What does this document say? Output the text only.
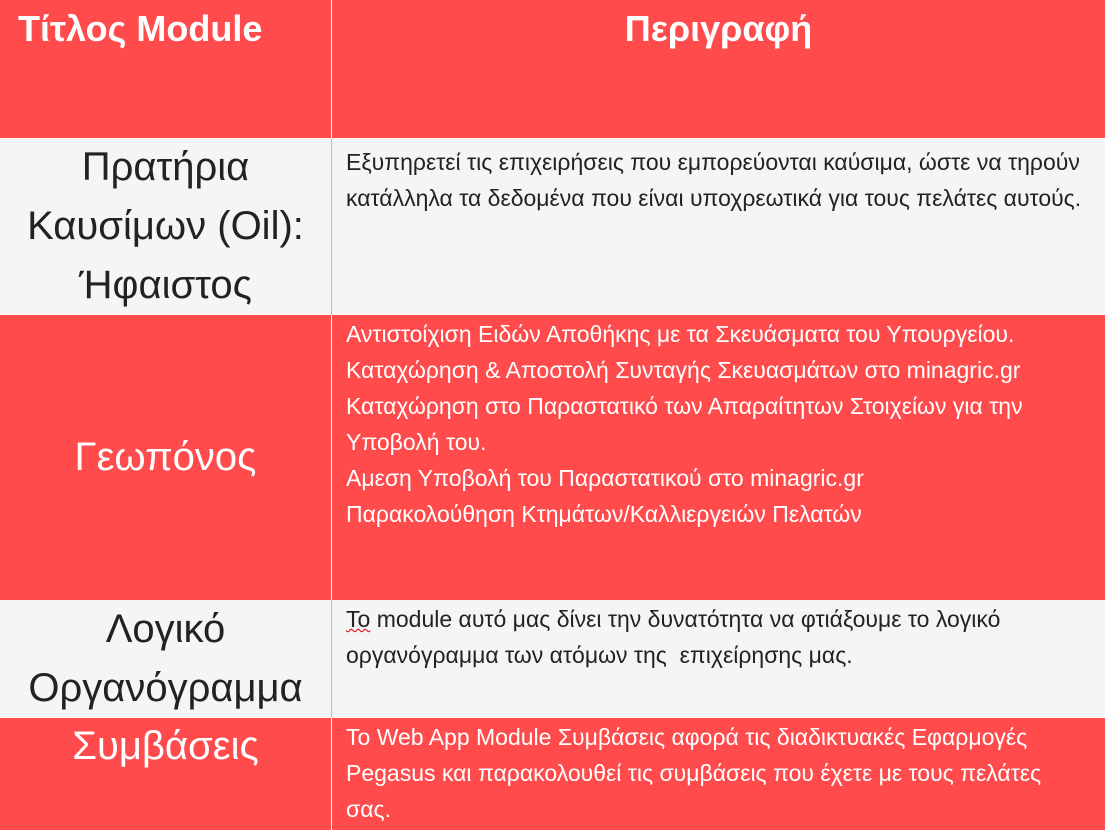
Τίτλος Module	Περιγραφή
Πρατήρια Καυσίμων (Oil): Ήφαιστος
Εξυπηρετεί τις επιχειρήσεις που εμπορεύονται καύσιμα, ώστε να τηρούν κατάλληλα τα δεδομένα που είναι υποχρεωτικά για τους πελάτες αυτούς.
Γεωπόνος
Αντιστοίχιση Ειδών Αποθήκης με τα Σκευάσματα του Υπουργείου.
Καταχώρηση & Αποστολή Συνταγής Σκευασμάτων στο minagric.gr
Καταχώρηση στο Παραστατικό των Απαραίτητων Στοιχείων για την Υποβολή του.
Αμεση Υποβολή του Παραστατικού στο minagric.gr
Παρακολούθηση Κτημάτων/Καλλιεργειών Πελατών
Λογικό Οργανόγραμμα
Το module αυτό μας δίνει την δυνατότητα να φτιάξουμε το λογικό οργανόγραμμα των ατόμων της  επιχείρησης μας.
Συμβάσεις	Το Web App Module Συμβάσεις αφορά τις διαδικτυακές Εφαρμογές Pegasus και παρακολουθεί τις συμβάσεις που έχετε με τους πελάτες σας.
